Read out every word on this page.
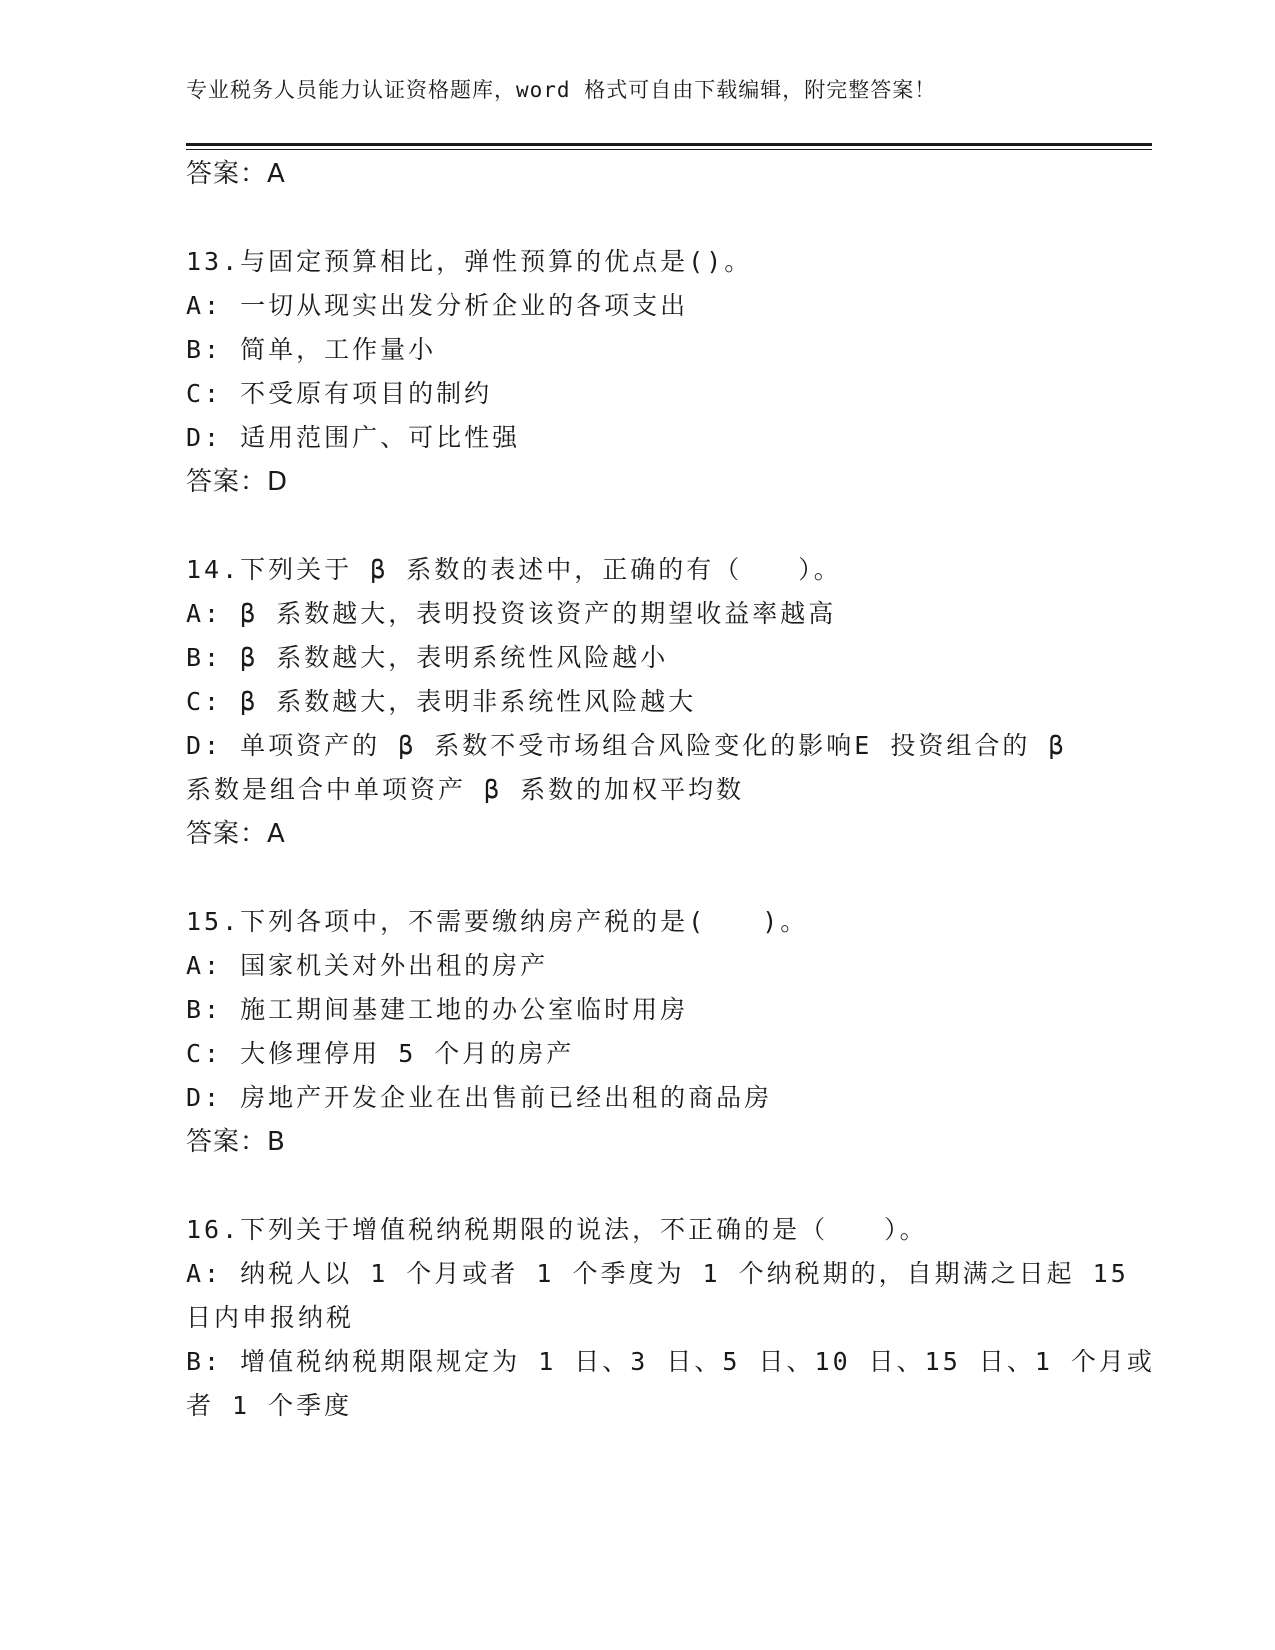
专业税务人员能力认证资格题库，word 格式可自由下载编辑，附完整答案！
答案：A
13.与固定预算相比，弹性预算的优点是()。
A: 一切从现实出发分析企业的各项支出
B: 简单，工作量小
C: 不受原有项目的制约
D: 适用范围广、可比性强
答案：D
14.下列关于 β 系数的表述中，正确的有（　　）。
A: β 系数越大，表明投资该资产的期望收益率越高
B: β 系数越大，表明系统性风险越小
C: β 系数越大，表明非系统性风险越大
D: 单项资产的 β 系数不受市场组合风险变化的影响E 投资组合的 β
系数是组合中单项资产 β 系数的加权平均数
答案：A
15.下列各项中，不需要缴纳房产税的是(　　)。
A: 国家机关对外出租的房产
B: 施工期间基建工地的办公室临时用房
C: 大修理停用 5 个月的房产
D: 房地产开发企业在出售前已经出租的商品房
答案：B
16.下列关于增值税纳税期限的说法，不正确的是（　　）。
A: 纳税人以 1 个月或者 1 个季度为 1 个纳税期的，自期满之日起 15
日内申报纳税
B: 增值税纳税期限规定为 1 日、3 日、5 日、10 日、15 日、1 个月或
者 1 个季度
